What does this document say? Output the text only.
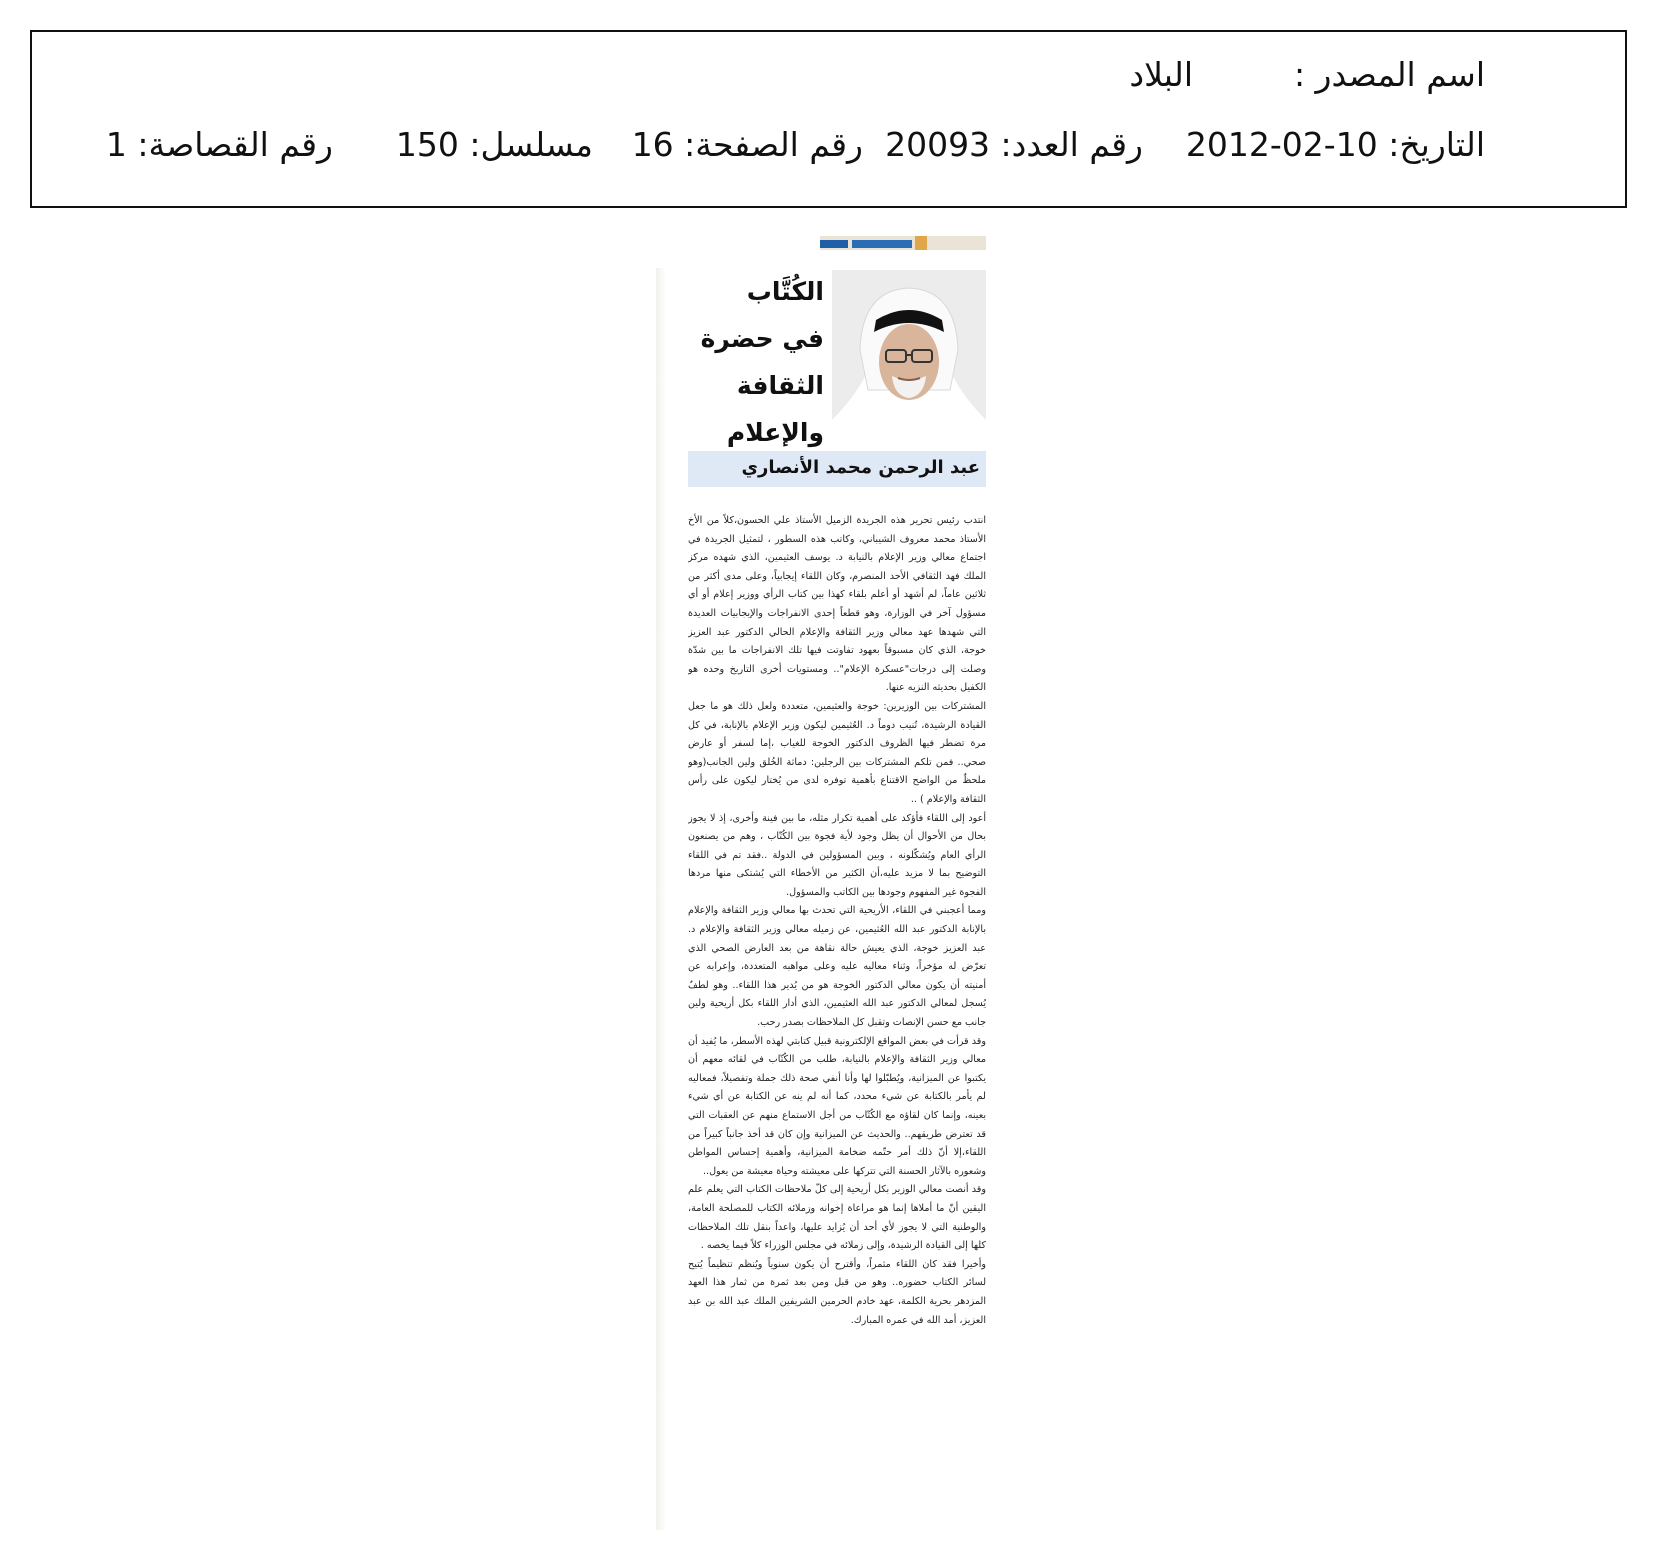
اسم المصدر :
البلاد
التاريخ: 10-02-2012
رقم العدد: 20093
رقم الصفحة: 16
مسلسل: 150
رقم القصاصة: 1
الكُتَّاب
في حضرة
الثقافة
والإعلام
عبد الرحمن محمد الأنصاري

انتدب رئيس تحرير هذه الجريدة الزميل الأستاذ علي الحسون،كلاً من الأخ الأستاذ محمد معروف الشيباني، وكاتب هذه السطور ، لتمثيل الجريدة في اجتماع معالي وزير الإعلام بالنيابة د. يوسف العثيمين، الذي شهده مركز الملك فهد الثقافي الأحد المنصرم، وكان اللقاء إيجابياً، وعلى مدى أكثر من ثلاثين عاماً، لم أشهد أو أعلم بلقاء كهذا بين كتاب الرأي ووزير إعلام أو أي مسؤول آخر في الوزارة، وهو قطعاً إحدى الانفراجات والإيجابيات العديدة التي شهدها عهد معالي وزير الثقافة والإعلام الحالي الدكتور عبد العزيز خوجة، الذي كان مسبوقاً بعهود تفاوتت فيها تلك الانفراجات ما بين شدّة وصلت إلى درجات"عسكرة الإعلام".. ومستويات أخرى التاريخ وحده هو الكفيل بحديثه النزيه عنها.

المشتركات بين الوزيرين: خوجة والعثيمين، متعددة ولعل ذلك هو ما جعل القيادة الرشيدة، تُنيب دوماً د. العُثيمين ليكون وزير الإعلام بالإنابة، في كل مرة تضطر فيها الظروف الدكتور الخوجة للغياب ،إما لسفر أو عارض صحي.. فمن تلكم المشتركات بين الرجلين: دماثة الخُلق ولين الجانب(وهو ملحظٌ من الواضح الاقتناع بأهمية توفره لدى من يُختار ليكون على رأس الثقافة والإعلام ) ..

أعود إلى اللقاء فأؤكد على أهمية تكرار مثله، ما بين فينة وأخرى، إذ لا يجوز بحال من الأحوال أن يظل وجود لأية فجوة بين الكُتّاب ، وهم من يصنعون الرأي العام ويُشكّلونه ، وبين المسؤولين في الدولة ..فقد تم في اللقاء التوضيح بما لا مزيد عليه،أن الكثير من الأخطاء التي يُشتكى منها مردها الفجوة غير المفهوم وجودها بين الكاتب والمسؤول.

ومما أعجبني في اللقاء، الأريحية التي تحدث بها معالي وزير الثقافة والإعلام بالإنابة الدكتور عبد الله العُثيمين، عن زميله معالي وزير الثقافة والإعلام د. عبد العزيز خوجة، الذي يعيش حالة نقاهة من بعد العارض الصحي الذي تعرّض له مؤخراً، وثناء معاليه عليه وعلى مواهبه المتعددة، وإعرابه عن أمنيته أن يكون معالي الدكتور الخوجة هو من يُدير هذا اللقاء.. وهو لطفٌ يُسجل لمعالي الدكتور عبد الله العثيمين، الذي أدار اللقاء بكل أريحية ولين جانب مع حسن الإنصات وتقبل كل الملاحظات بصدر رحب.

وقد قرأت في بعض المواقع الإلكترونية قبيل كتابتي لهذه الأسطر، ما يُفيد أن معالي وزير الثقافة والإعلام بالنيابة، طلب من الكُتّاب في لقائه معهم أن يكتبوا عن الميزانية، ويُطبّلوا لها وأنا أنفي صحة ذلك جملة وتفصيلاً، فمعاليه لم يأمر بالكتابة عن شيء محدد، كما أنه لم ينه عن الكتابة عن أي شيء بعينه، وإنما كان لقاؤه مع الكُتّاب من أجل الاستماع منهم عن العقبات التي قد تعترض طريقهم.. والحديث عن الميزانية وإن كان قد أخذ جانباً كبيراً من اللقاء،إلا أنّ ذلك أمر حتّمه ضخامة الميزانية، وأهمية إحساس المواطن وشعوره بالآثار الحسنة التي تتركها على معيشته وحياة معيشة من يعول..

وقد أنصت معالي الوزير بكل أريحية إلى كلّ ملاحظات الكتاب التي يعلم علم اليقين أنّ ما أملاها إنما هو مراعاة إخوانه وزملائه الكتاب للمصلحة العامة، والوطنية التي لا يجوز لأي أحد أن يُزايد عليها، واعداً بنقل تلك الملاحظات كلها إلى القيادة الرشيدة، وإلى زملائه في مجلس الوزراء كلاً فيما يخصه .

وأخيرا فقد كان اللقاء مثمراً، وأقترح أن يكون سنوياً ويُنظم تنظيماً يُتيح لسائر الكتاب حضوره.. وهو من قبل ومن بعد ثمرة من ثمار هذا العهد المزدهر بحرية الكلمة، عهد خادم الحرمين الشريفين الملك عبد الله بن عبد العزيز، أمد الله في عمره المبارك.
